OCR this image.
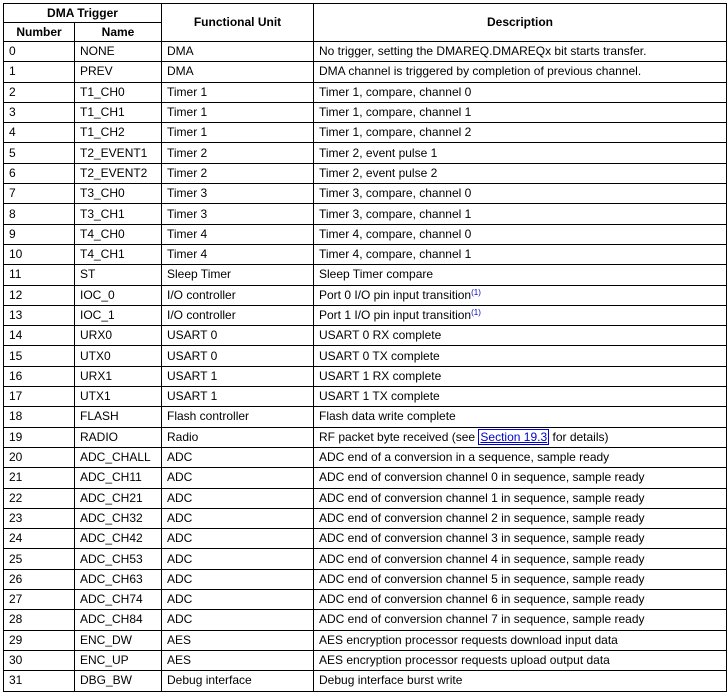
DMA Trigger		Functional Unit	Description
Number	Name		
0	NONE	DMA	No trigger, setting the DMAREQ.DMAREQx bit starts transfer.
1	PREV	DMA	DMA channel is triggered by completion of previous channel.
2	T1_CH0	Timer 1	Timer 1, compare, channel 0
3	T1_CH1	Timer 1	Timer 1, compare, channel 1
4	T1_CH2	Timer 1	Timer 1, compare, channel 2
5	T2_EVENT1	Timer 2	Timer 2, event pulse 1
6	T2_EVENT2	Timer 2	Timer 2, event pulse 2
7	T3_CH0	Timer 3	Timer 3, compare, channel 0
8	T3_CH1	Timer 3	Timer 3, compare, channel 1
9	T4_CH0	Timer 4	Timer 4, compare, channel 0
10	T4_CH1	Timer 4	Timer 4, compare, channel 1
11	ST	Sleep Timer	Sleep Timer compare
12	IOC_0	I/O controller	Port 0 I/O pin input transition$^{(1)}$
13	IOC_1	I/O controller	Port 1 I/O pin input transition$^{(1)}$
14	URX0	USART 0	USART 0 RX complete
15	UTX0	USART 0	USART 0 TX complete
16	URX1	USART 1	USART 1 RX complete
17	UTX1	USART 1	USART 1 TX complete
18	FLASH	Flash controller	Flash data write complete
19	RADIO	Radio	RF packet byte received (see Section 19.3 for details)
20	ADC_CHALL	ADC	ADC end of a conversion in a sequence, sample ready
21	ADC_CH11	ADC	ADC end of conversion channel 0 in sequence, sample ready
22	ADC_CH21	ADC	ADC end of conversion channel 1 in sequence, sample ready
23	ADC_CH32	ADC	ADC end of conversion channel 2 in sequence, sample ready
24	ADC_CH42	ADC	ADC end of conversion channel 3 in sequence, sample ready
25	ADC_CH53	ADC	ADC end of conversion channel 4 in sequence, sample ready
26	ADC_CH63	ADC	ADC end of conversion channel 5 in sequence, sample ready
27	ADC_CH74	ADC	ADC end of conversion channel 6 in sequence, sample ready
28	ADC_CH84	ADC	ADC end of conversion channel 7 in sequence, sample ready
29	ENC_DW	AES	AES encryption processor requests download input data
30	ENC_UP	AES	AES encryption processor requests upload output data
31	DBG_BW	Debug interface	Debug interface burst write
